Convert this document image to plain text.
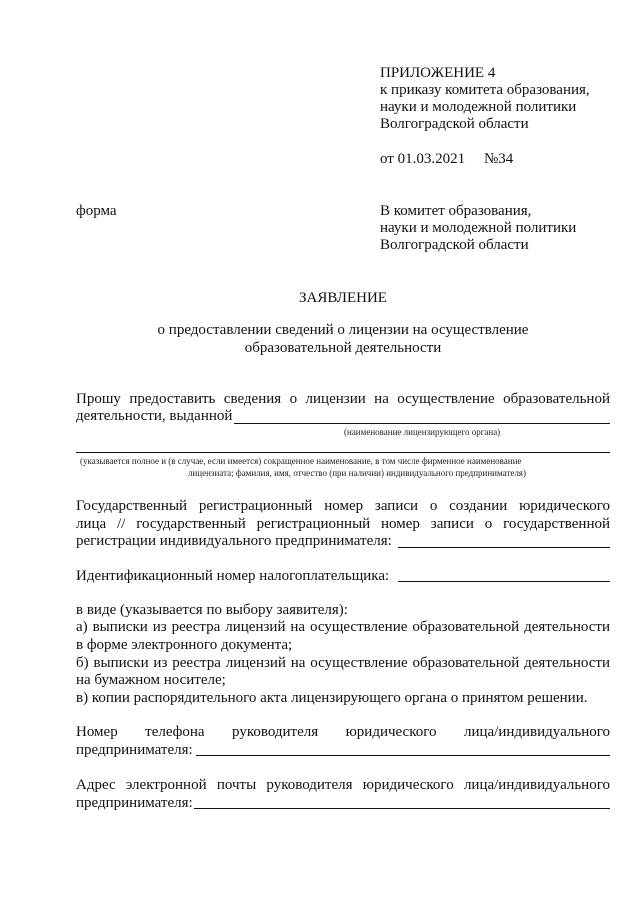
ПРИЛОЖЕНИЕ 4
к приказу комитета образования,
науки и молодежной политики
Волгоградской области
от 01.03.2021 №34
форма	В комитет образования,
науки и молодежной политики
Волгоградской области
ЗАЯВЛЕНИЕ
о предоставлении сведений о лицензии на осуществление
образовательной деятельности
Прошу предоставить сведения о лицензии на осуществление образовательной
деятельности, выданной
(наименование лицензирующего органа)
(указывается полное и (в случае, если имеется) сокращенное наименование, в том числе фирменное наименование
лицензиата; фамилия, имя, отчество (при наличии) индивидуального предпринимателя)
Государственный регистрационный номер записи о создании юридического
лица // государственный регистрационный номер записи о государственной
регистрации индивидуального предпринимателя:
Идентификационный номер налогоплательщика:
в виде (указывается по выбору заявителя):
а) выписки из реестра лицензий на осуществление образовательной деятельности
в форме электронного документа;
б) выписки из реестра лицензий на осуществление образовательной деятельности
на бумажном носителе;
в) копии распорядительного акта лицензирующего органа о принятом решении.
Номер телефона руководителя юридического лица/индивидуального
предпринимателя:
Адрес электронной почты руководителя юридического лица/индивидуального
предпринимателя:
